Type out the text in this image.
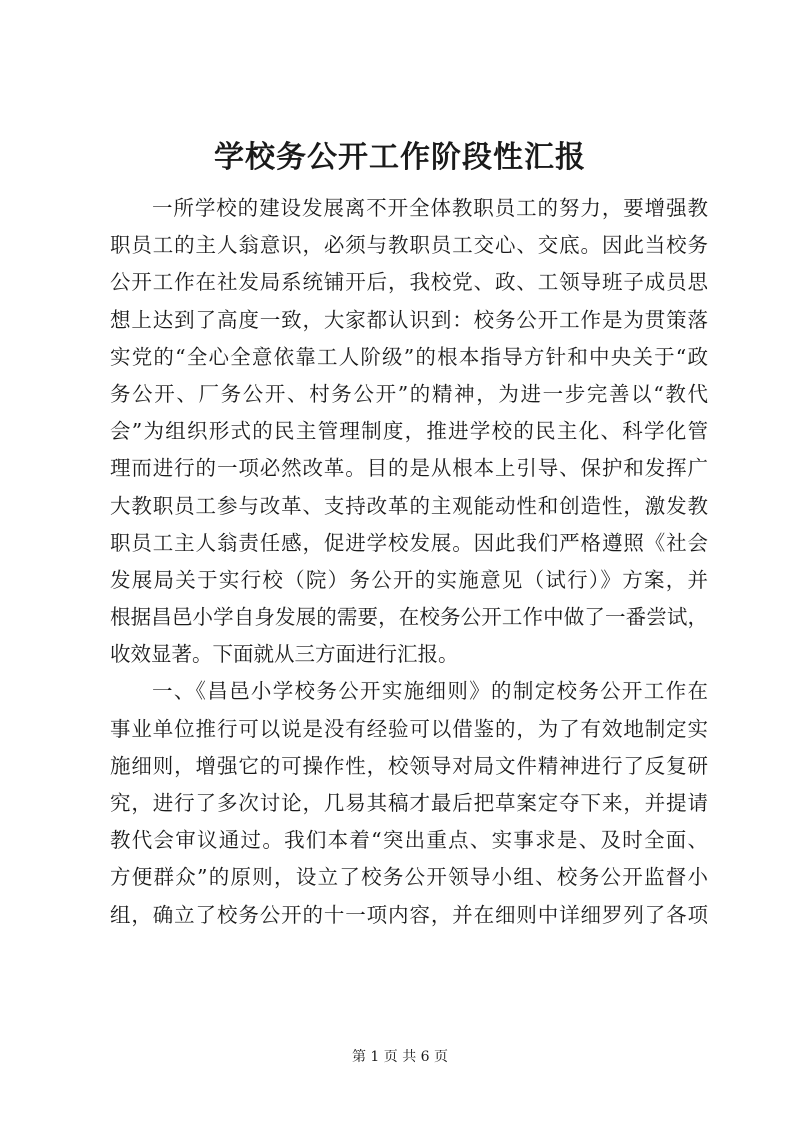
学校务公开工作阶段性汇报
一所学校的建设发展离不开全体教职员工的努力，要增强教
职员工的主人翁意识，必须与教职员工交心、交底。因此当校务
公开工作在社发局系统铺开后，我校党、政、工领导班子成员思
想上达到了高度一致，大家都认识到：校务公开工作是为贯策落
实党的“全心全意依靠工人阶级”的根本指导方针和中央关于“政
务公开、厂务公开、村务公开”的精神，为进一步完善以“教代
会”为组织形式的民主管理制度，推进学校的民主化、科学化管
理而进行的一项必然改革。目的是从根本上引导、保护和发挥广
大教职员工参与改革、支持改革的主观能动性和创造性，激发教
职员工主人翁责任感，促进学校发展。因此我们严格遵照《社会
发展局关于实行校（院）务公开的实施意见（试行）》方案，并
根据昌邑小学自身发展的需要，在校务公开工作中做了一番尝试，
收效显著。下面就从三方面进行汇报。
一、《昌邑小学校务公开实施细则》的制定校务公开工作在
事业单位推行可以说是没有经验可以借鉴的，为了有效地制定实
施细则，增强它的可操作性，校领导对局文件精神进行了反复研
究，进行了多次讨论，几易其稿才最后把草案定夺下来，并提请
教代会审议通过。我们本着“突出重点、实事求是、及时全面、
方便群众”的原则，设立了校务公开领导小组、校务公开监督小
组，确立了校务公开的十一项内容，并在细则中详细罗列了各项
第 1 页 共 6 页
